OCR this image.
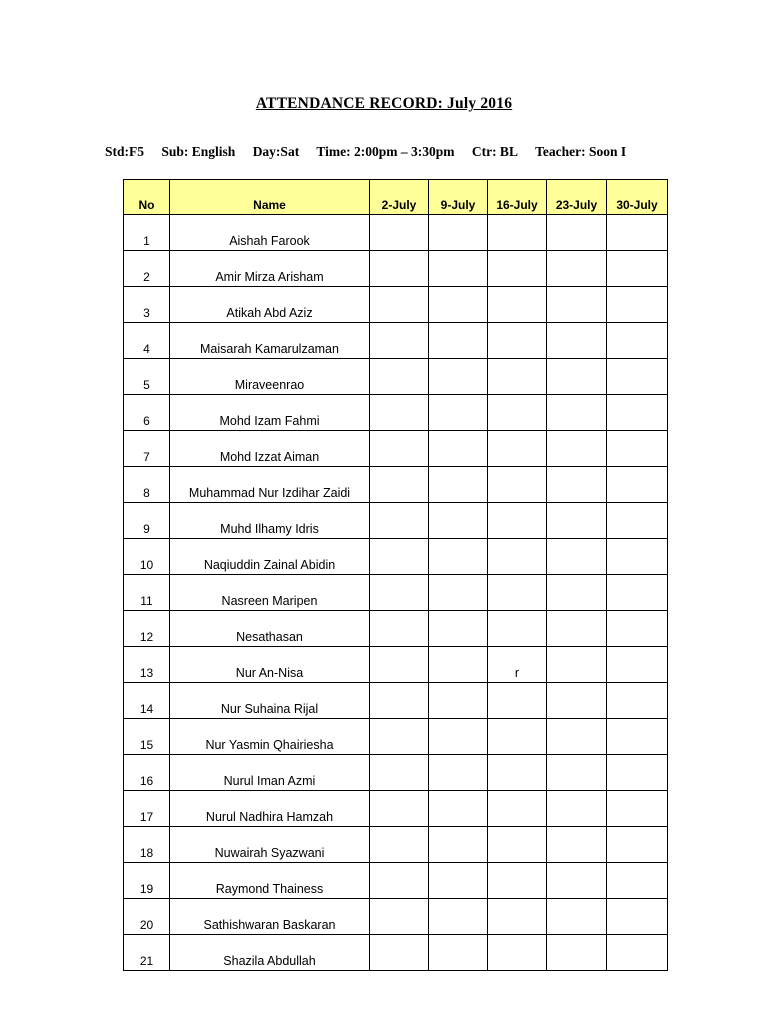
ATTENDANCE RECORD: July 2016
Std:F5 Sub: English Day:Sat Time: 2:00pm – 3:30pm Ctr: BL Teacher: Soon I
No	Name	2-July	9-July	16-July	23-July	30-July
1	Aishah Farook					
2	Amir Mirza Arisham					
3	Atikah Abd Aziz					
4	Maisarah Kamarulzaman					
5	Miraveenrao					
6	Mohd Izam Fahmi					
7	Mohd Izzat Aiman					
8	Muhammad Nur Izdihar Zaidi					
9	Muhd Ilhamy Idris					
10	Naqiuddin Zainal Abidin					
11	Nasreen Maripen					
12	Nesathasan					
13	Nur An-Nisa			r		
14	Nur Suhaina Rijal					
15	Nur Yasmin Qhairiesha					
16	Nurul Iman Azmi					
17	Nurul Nadhira Hamzah					
18	Nuwairah Syazwani					
19	Raymond Thainess					
20	Sathishwaran Baskaran					
21	Shazila Abdullah					
